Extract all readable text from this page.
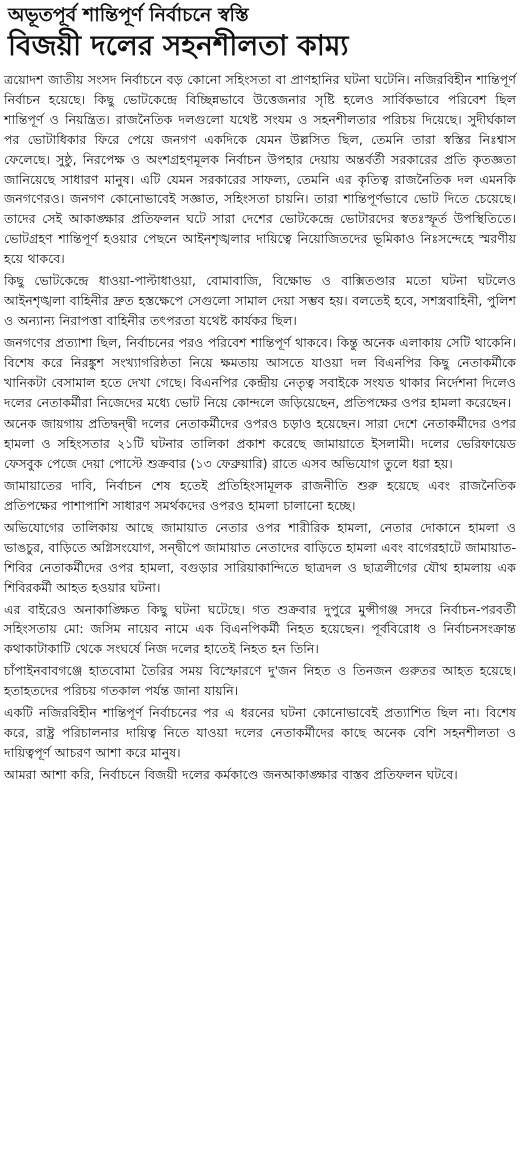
অভূতপূর্ব শান্তিপূর্ণ নির্বাচনে স্বস্তি
বিজয়ী দলের সহনশীলতা কাম্য

ত্রয়োদশ জাতীয় সংসদ নির্বাচনে বড় কোনো সহিংসতা বা প্রাণহানির ঘটনা ঘটেনি। নজিরবিহীন শান্তিপূর্ণ নির্বাচন হয়েছে। কিছু ভোটকেন্দ্রে বিচ্ছিন্নভাবে উত্তেজনার সৃষ্টি হলেও সার্বিকভাবে পরিবেশ ছিল শান্তিপূর্ণ ও নিয়ন্ত্রিত। রাজনৈতিক দলগুলো যথেষ্ট সংযম ও সহনশীলতার পরিচয় দিয়েছে। সুদীর্ঘকাল পর ভোটাধিকার ফিরে পেয়ে জনগণ একদিকে যেমন উল্লসিত ছিল, তেমনি তারা স্বস্তির নিঃশ্বাস ফেলেছে। সুষ্ঠু, নিরপেক্ষ ও অংশগ্রহণমূলক নির্বাচন উপহার দেয়ায় অন্তর্বর্তী সরকারের প্রতি কৃতজ্ঞতা জানিয়েছে সাধারণ মানুষ। এটি যেমন সরকারের সাফল্য, তেমনি এর কৃতিত্ব রাজনৈতিক দল এমনকি জনগণেরও। জনগণ কোনোভাবেই সজ্ঞাত, সহিংসতা চায়নি। তারা শান্তিপূর্ণভাবে ভোট দিতে চেয়েছে। তাদের সেই আকাঙ্ক্ষার প্রতিফলন ঘটে সারা দেশের ভোটকেন্দ্রে ভোটারদের স্বতঃস্ফূর্ত উপস্থিতিতে। ভোটগ্রহণ শান্তিপূর্ণ হওয়ার পেছনে আইনশৃঙ্খলার দায়িত্বে নিয়োজিতদের ভূমিকাও নিঃসন্দেহে স্মরণীয় হয়ে থাকবে।

কিছু ভোটকেন্দ্রে ধাওয়া-পাল্টাধাওয়া, বোমাবাজি, বিক্ষোভ ও বাক্সিতণ্ডার মতো ঘটনা ঘটলেও আইনশৃঙ্খলা বাহিনীর দ্রুত হস্তক্ষেপে সেগুলো সামাল দেয়া সম্ভব হয়। বলতেই হবে, সশস্ত্রবাহিনী, পুলিশ ও অন্যান্য নিরাপত্তা বাহিনীর তৎপরতা যথেষ্ট কার্যকর ছিল।

জনগণের প্রত্যাশা ছিল, নির্বাচনের পরও পরিবেশ শান্তিপূর্ণ থাকবে। কিন্তু অনেক এলাকায় সেটি থাকেনি। বিশেষ করে নিরঙ্কুশ সংখ্যাগরিষ্ঠতা নিয়ে ক্ষমতায় আসতে যাওয়া দল বিএনপির কিছু নেতাকর্মীকে খানিকটা বেসামাল হতে দেখা গেছে। বিএনপির কেন্দ্রীয় নেতৃত্ব সবাইকে সংযত থাকার নির্দেশনা দিলেও দলের নেতাকর্মীরা নিজেদের মধ্যে ভোট নিয়ে কোন্দলে জড়িয়েছেন, প্রতিপক্ষের ওপর হামলা করেছেন।

অনেক জায়গায় প্রতিদ্বন্দ্বী দলের নেতাকর্মীদের ওপরও চড়াও হয়েছেন। সারা দেশে নেতাকর্মীদের ওপর হামলা ও সহিংসতার ২১টি ঘটনার তালিকা প্রকাশ করেছে জামায়াতে ইসলামী। দলের ভেরিফায়েড ফেসবুক পেজে দেয়া পোস্টে শুক্রবার (১৩ ফেব্রুয়ারি) রাতে এসব অভিযোগ তুলে ধরা হয়।

জামায়াতের দাবি, নির্বাচন শেষ হতেই প্রতিহিংসামূলক রাজনীতি শুরু হয়েছে এবং রাজনৈতিক প্রতিপক্ষের পাশাপাশি সাধারণ সমর্থকদের ওপরও হামলা চালানো হচ্ছে।

অভিযোগের তালিকায় আছে জামায়াত নেতার ওপর শারীরিক হামলা, নেতার দোকানে হামলা ও ভাঙচুর, বাড়িতে অগ্নিসংযোগ, সন্দ্বীপে জামায়াত নেতাদের বাড়িতে হামলা এবং বাগেরহাটে জামায়াত-শিবির নেতাকর্মীদের ওপর হামলা, বগুড়ার সারিয়াকান্দিতে ছাত্রদল ও ছাত্রলীগের যৌথ হামলায় এক শিবিরকর্মী আহত হওয়ার ঘটনা।

এর বাইরেও অনাকাঙ্ক্ষিত কিছু ঘটনা ঘটেছে। গত শুক্রবার দুপুরে মুন্সীগঞ্জ সদরে নির্বাচন-পরবর্তী সহিংসতায় মো: জসিম নায়েব নামে এক বিএনপিকর্মী নিহত হয়েছেন। পূর্ববিরোধ ও নির্বাচনসংক্রান্ত কথাকাটাকাটি থেকে সংঘর্ষে নিজ দলের হাতেই নিহত হন তিনি।

চাঁপাইনবাবগঞ্জে হাতবোমা তৈরির সময় বিস্ফোরণে দু'জন নিহত ও তিনজন গুরুতর আহত হয়েছে। হতাহতদের পরিচয় গতকাল পর্যন্ত জানা যায়নি।

একটি নজিরবিহীন শান্তিপূর্ণ নির্বাচনের পর এ ধরনের ঘটনা কোনোভাবেই প্রত্যাশিত ছিল না। বিশেষ করে, রাষ্ট্র পরিচালনার দায়িত্ব নিতে যাওয়া দলের নেতাকর্মীদের কাছে অনেক বেশি সহনশীলতা ও দায়িত্বপূর্ণ আচরণ আশা করে মানুষ।

আমরা আশা করি, নির্বাচনে বিজয়ী দলের কর্মকাণ্ডে জনআকাঙ্ক্ষার বাস্তব প্রতিফলন ঘটবে।
